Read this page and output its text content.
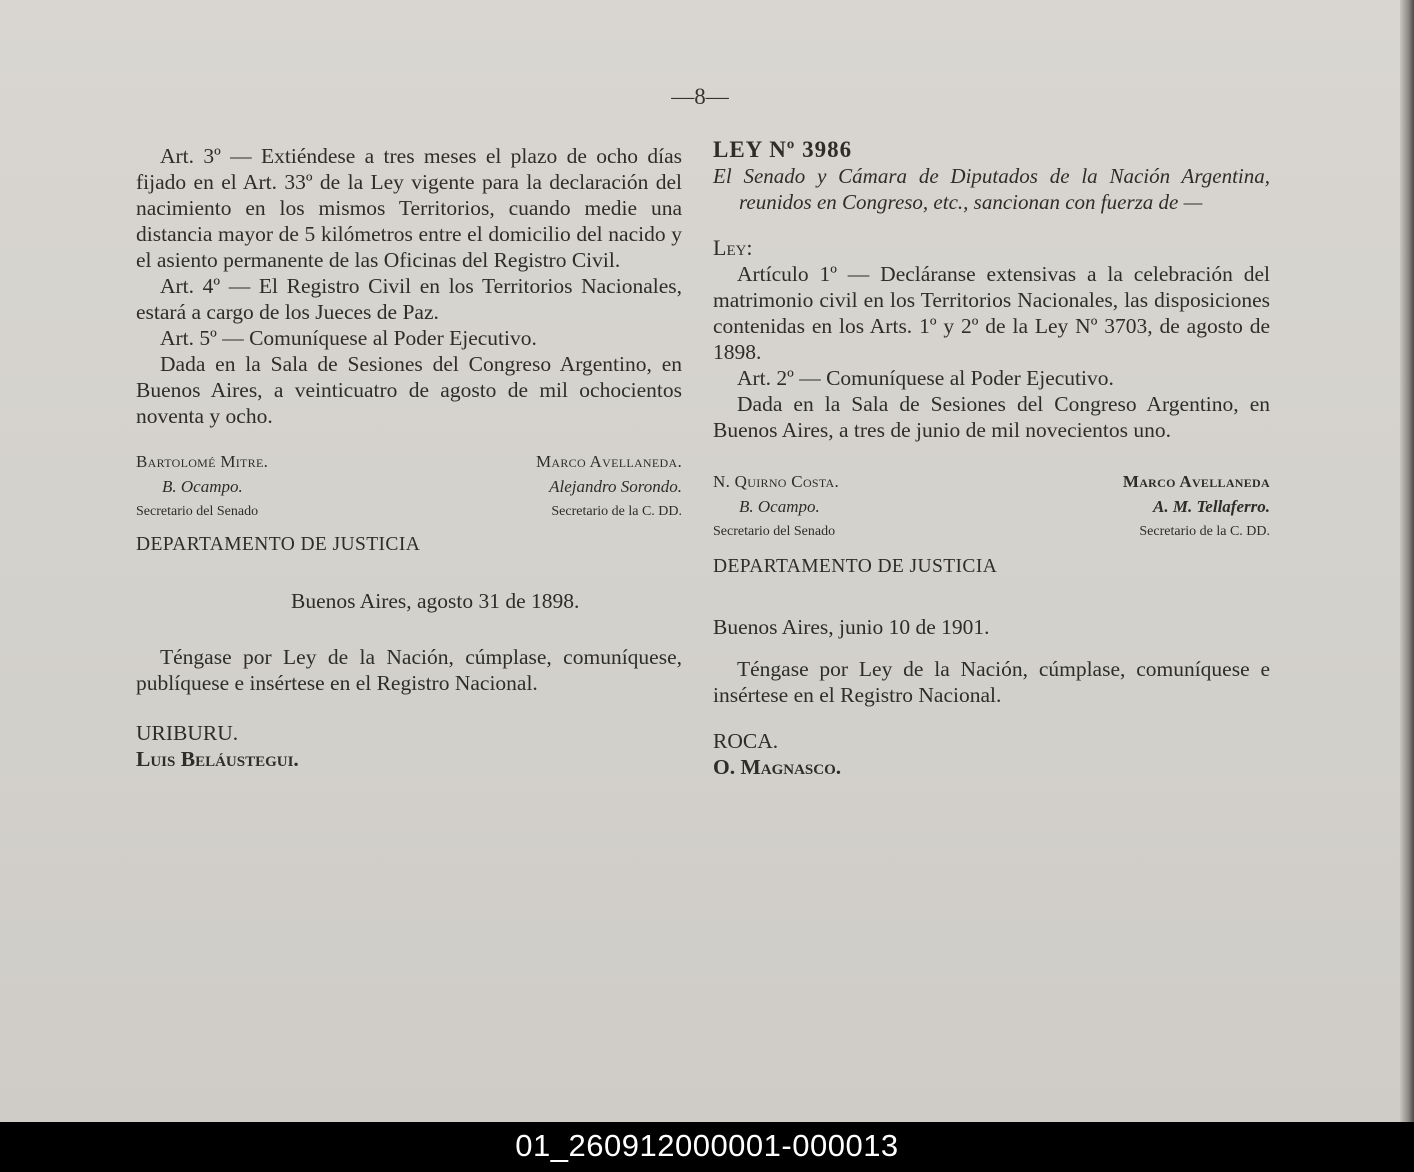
—8—

Art. 3º — Extiéndese a tres meses el plazo de ocho días fijado en el Art. 33º de la Ley vigente para la declaración del nacimiento en los mismos Territorios, cuando medie una distancia mayor de 5 kilómetros entre el domicilio del nacido y el asiento permanente de las Oficinas del Registro Civil.

Art. 4º — El Registro Civil en los Territorios Nacionales, estará a cargo de los Jueces de Paz.

Art. 5º — Comuníquese al Poder Ejecutivo.

Dada en la Sala de Sesiones del Congreso Argentino, en Buenos Aires, a veinticuatro de agosto de mil ochocientos noventa y ocho.

Bartolomé Mitre.
B. Ocampo.
Secretario del Senado
Marco Avellaneda.
Alejandro Sorondo.
Secretario de la C. DD.

DEPARTAMENTO DE JUSTICIA

Buenos Aires, agosto 31 de 1898.

Téngase por Ley de la Nación, cúmplase, comuníquese, publíquese e insértese en el Registro Nacional.

URIBURU.

Luis Beláustegui.

LEY Nº 3986

El Senado y Cámara de Diputados de la Nación Argentina, reunidos en Congreso, etc., sancionan con fuerza de —

Ley:

Artículo 1º — Decláranse extensivas a la celebración del matrimonio civil en los Territorios Nacionales, las disposiciones contenidas en los Arts. 1º y 2º de la Ley Nº 3703, de agosto de 1898.

Art. 2º — Comuníquese al Poder Ejecutivo.

Dada en la Sala de Sesiones del Congreso Argentino, en Buenos Aires, a tres de junio de mil novecientos uno.

N. Quirno Costa.
B. Ocampo.
Secretario del Senado
Marco Avellaneda
A. M. Tellaferro.
Secretario de la C. DD.

DEPARTAMENTO DE JUSTICIA

Buenos Aires, junio 10 de 1901.

Téngase por Ley de la Nación, cúmplase, comuníquese e insértese en el Registro Nacional.

ROCA.

O. Magnasco.

01_260912000001-000013
